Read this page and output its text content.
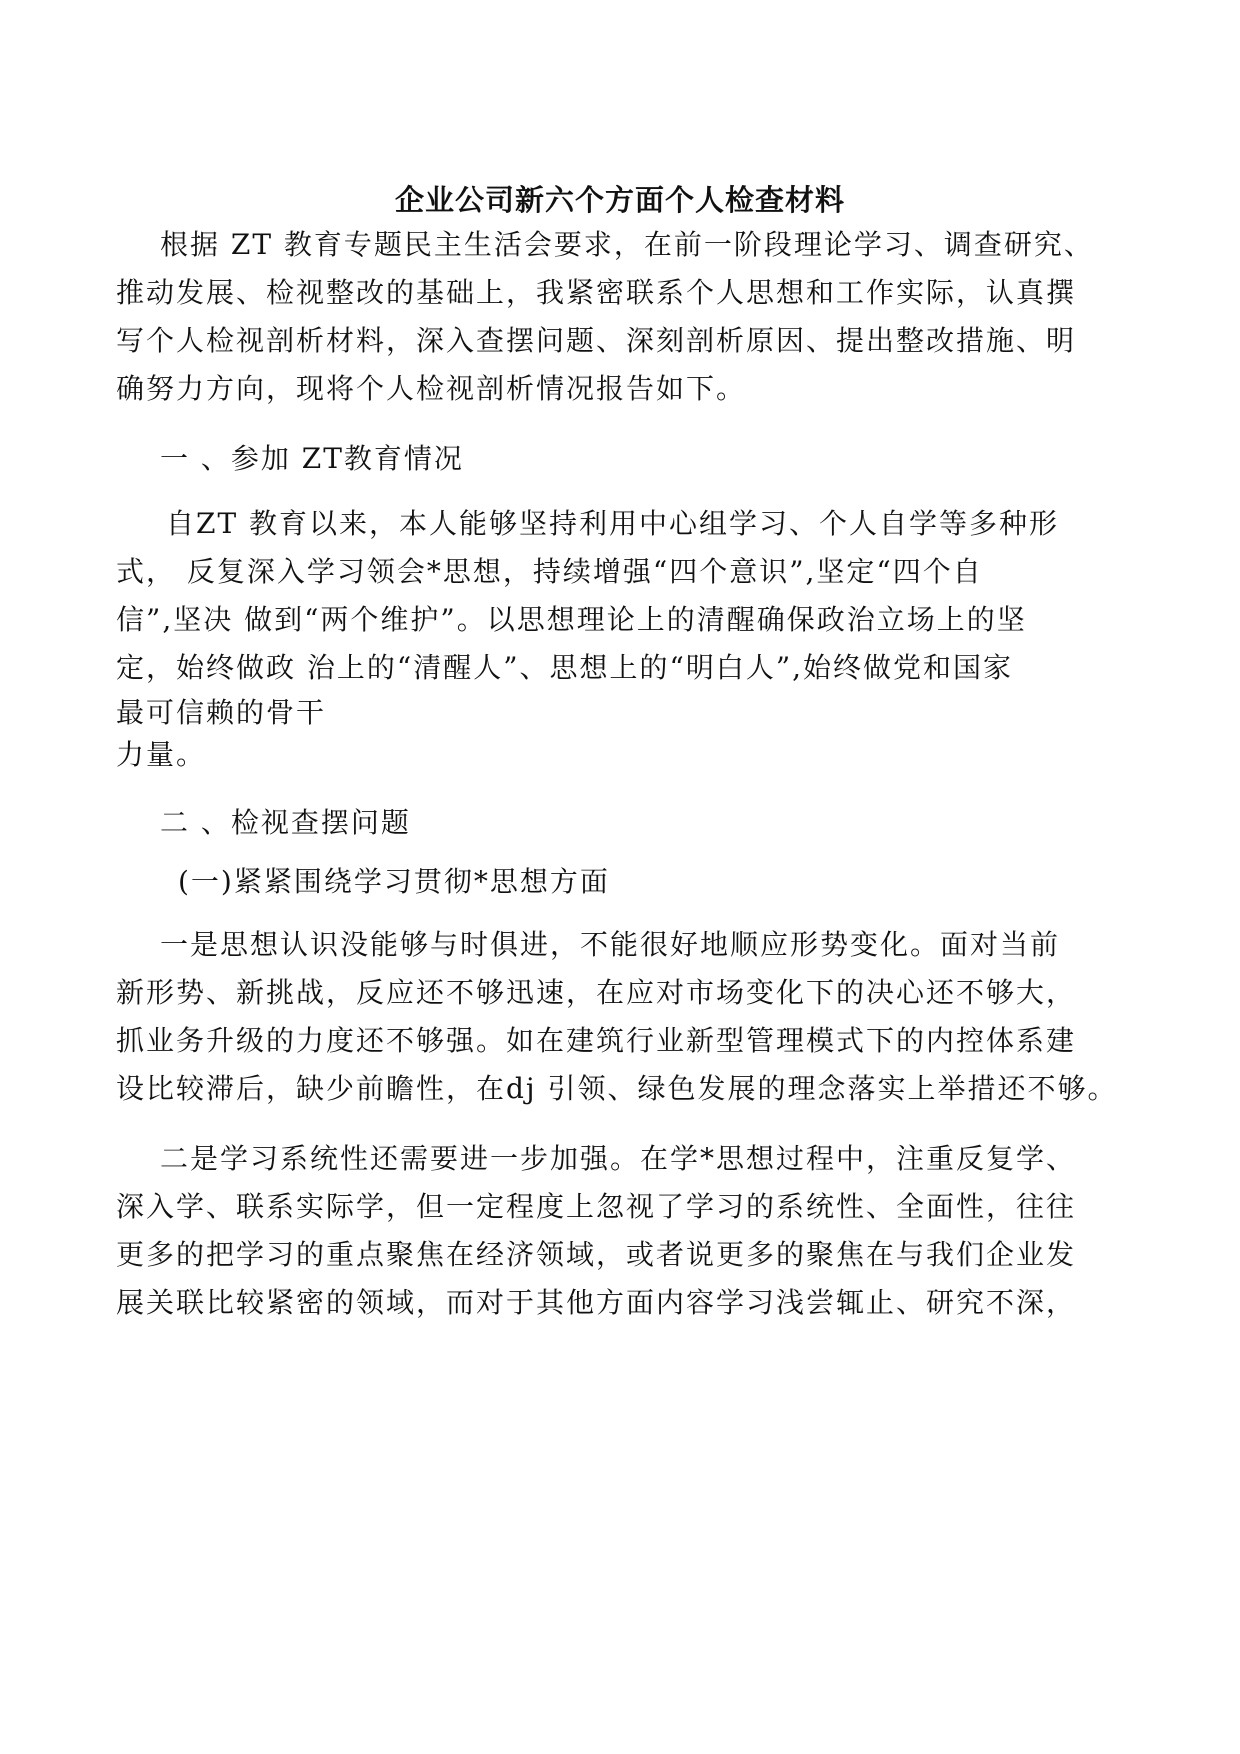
企业公司新六个方面个人检查材料
根据 ZT 教育专题民主生活会要求，在前一阶段理论学习、调查研究、
推动发展、检视整改的基础上，我紧密联系个人思想和工作实际，认真撰
写个人检视剖析材料，深入查摆问题、深刻剖析原因、提出整改措施、明
确努力方向，现将个人检视剖析情况报告如下。
一 、参加 ZT教育情况
自ZT 教育以来，本人能够坚持利用中心组学习、个人自学等多种形
式， 反复深入学习领会*思想，持续增强“四个意识”,坚定“四个自
信”,坚决 做到“两个维护”。以思想理论上的清醒确保政治立场上的坚
定，始终做政 治上的“清醒人”、思想上的“明白人”,始终做党和国家
最可信赖的骨干
力量。
二 、检视查摆问题
(一)紧紧围绕学习贯彻*思想方面
一是思想认识没能够与时俱进，不能很好地顺应形势变化。面对当前
新形势、新挑战，反应还不够迅速，在应对市场变化下的决心还不够大，
抓业务升级的力度还不够强。如在建筑行业新型管理模式下的内控体系建
设比较滞后，缺少前瞻性，在dj 引领、绿色发展的理念落实上举措还不够。
二是学习系统性还需要进一步加强。在学*思想过程中，注重反复学、
深入学、联系实际学，但一定程度上忽视了学习的系统性、全面性，往往
更多的把学习的重点聚焦在经济领域，或者说更多的聚焦在与我们企业发
展关联比较紧密的领域，而对于其他方面内容学习浅尝辄止、研究不深，
